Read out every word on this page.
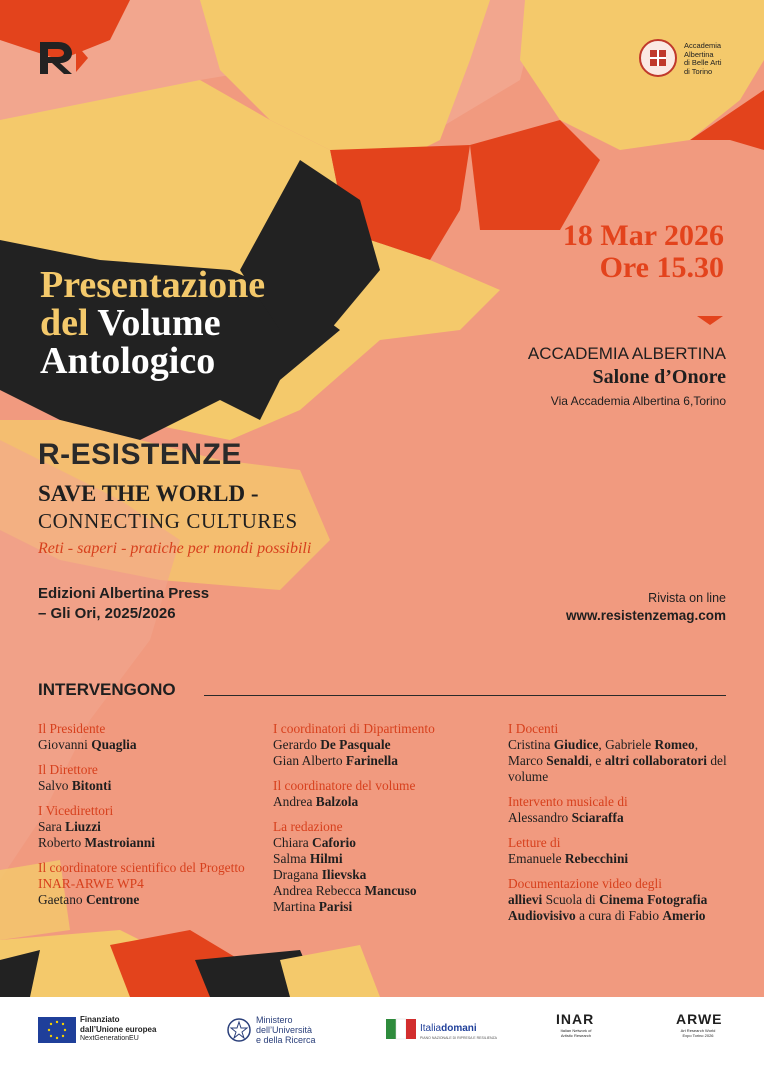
Accademia
Albertina
di Belle Arti
di Torino
18 Mar 2026
Ore 15.30
ACCADEMIA ALBERTINA
Salone d’Onore
Via Accademia Albertina 6,Torino
Presentazione
del Volume
Antologico
R-ESISTENZE
SAVE THE WORLD -
CONNECTING CULTURES
Reti - saperi - pratiche per mondi possibili
Edizioni Albertina Press
– Gli Ori, 2025/2026
Rivista on line
www.resistenzemag.com
INTERVENGONO
Il Presidente
Giovanni Quaglia
Il Direttore
Salvo Bitonti
I Vicedirettori
Sara Liuzzi
Roberto Mastroianni
Il coordinatore scientifico del Progetto INAR-ARWE WP4
Gaetano Centrone
I coordinatori di Dipartimento
Gerardo De Pasquale
Gian Alberto Farinella
Il coordinatore del volume
Andrea Balzola
La redazione
Chiara Caforio
Salma Hilmi
Dragana Ilievska
Andrea Rebecca Mancuso
Martina Parisi
I Docenti
Cristina Giudice, Gabriele Romeo, Marco Senaldi, e altri collaboratori del volume
Intervento musicale di
Alessandro Sciaraffa
Letture di
Emanuele Rebecchini
Documentazione video degli
allievi Scuola di Cinema Fotografia Audiovisivo a cura di Fabio Amerio
Finanziato
dall’Unione europea
NextGenerationEU
Ministero
dell’Università
e della Ricerca
Italiadomani
PIANO NAZIONALE DI RIPRESA E RESILIENZA
INAR
Italian Network of Artistic Research
ARWE
Art Research World Expo Torino 2026
